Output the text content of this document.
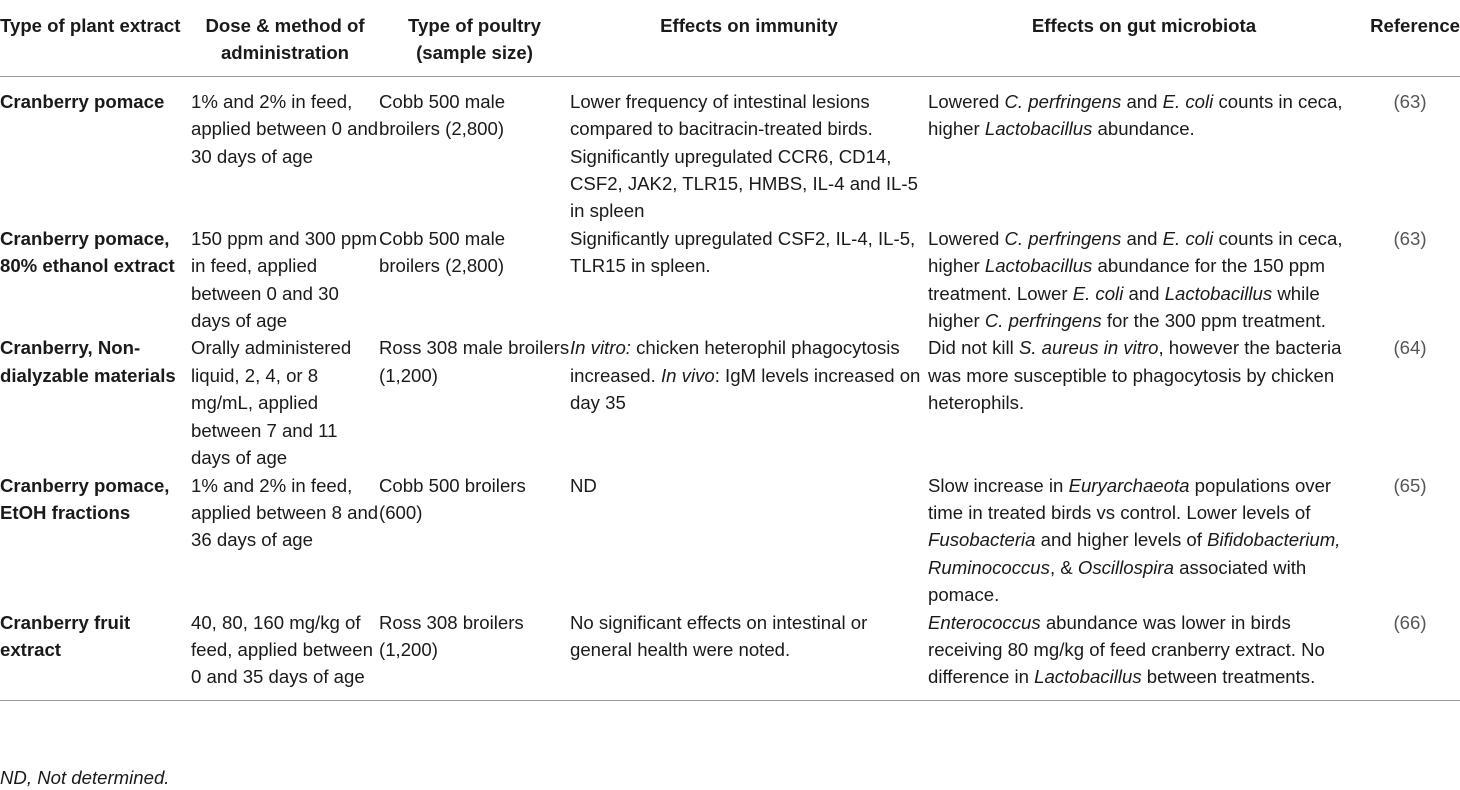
Type of plant extract	Dose & method of administration	Type of poultry (sample size)	Effects on immunity	Effects on gut microbiota	Reference
Cranberry pomace	1% and 2% in feed, applied between 0 and 30 days of age	Cobb 500 male broilers (2,800)	Lower frequency of intestinal lesions compared to bacitracin-treated birds. Significantly upregulated CCR6, CD14, CSF2, JAK2, TLR15, HMBS, IL-4 and IL-5 in spleen	Lowered C. perfringens and E. coli counts in ceca, higher Lactobacillus abundance.	(63)
Cranberry pomace, 80% ethanol extract	150 ppm and 300 ppm in feed, applied between 0 and 30 days of age	Cobb 500 male broilers (2,800)	Significantly upregulated CSF2, IL-4, IL-5, TLR15 in spleen.	Lowered C. perfringens and E. coli counts in ceca, higher Lactobacillus abundance for the 150 ppm treatment. Lower E. coli and Lactobacillus while higher C. perfringens for the 300 ppm treatment.	(63)
Cranberry, Non-dialyzable materials	Orally administered liquid, 2, 4, or 8 mg/mL, applied between 7 and 11 days of age	Ross 308 male broilers (1,200)	In vitro: chicken heterophil phagocytosis increased. In vivo: IgM levels increased on day 35	Did not kill S. aureus in vitro, however the bacteria was more susceptible to phagocytosis by chicken heterophils.	(64)
Cranberry pomace, EtOH fractions	1% and 2% in feed, applied between 8 and 36 days of age	Cobb 500 broilers (600)	ND	Slow increase in Euryarchaeota populations over time in treated birds vs control. Lower levels of Fusobacteria and higher levels of Bifidobacterium, Ruminococcus, & Oscillospira associated with pomace.	(65)
Cranberry fruit extract	40, 80, 160 mg/kg of feed, applied between 0 and 35 days of age	Ross 308 broilers (1,200)	No significant effects on intestinal or general health were noted.	Enterococcus abundance was lower in birds receiving 80 mg/kg of feed cranberry extract. No difference in Lactobacillus between treatments.	(66)
ND, Not determined.
